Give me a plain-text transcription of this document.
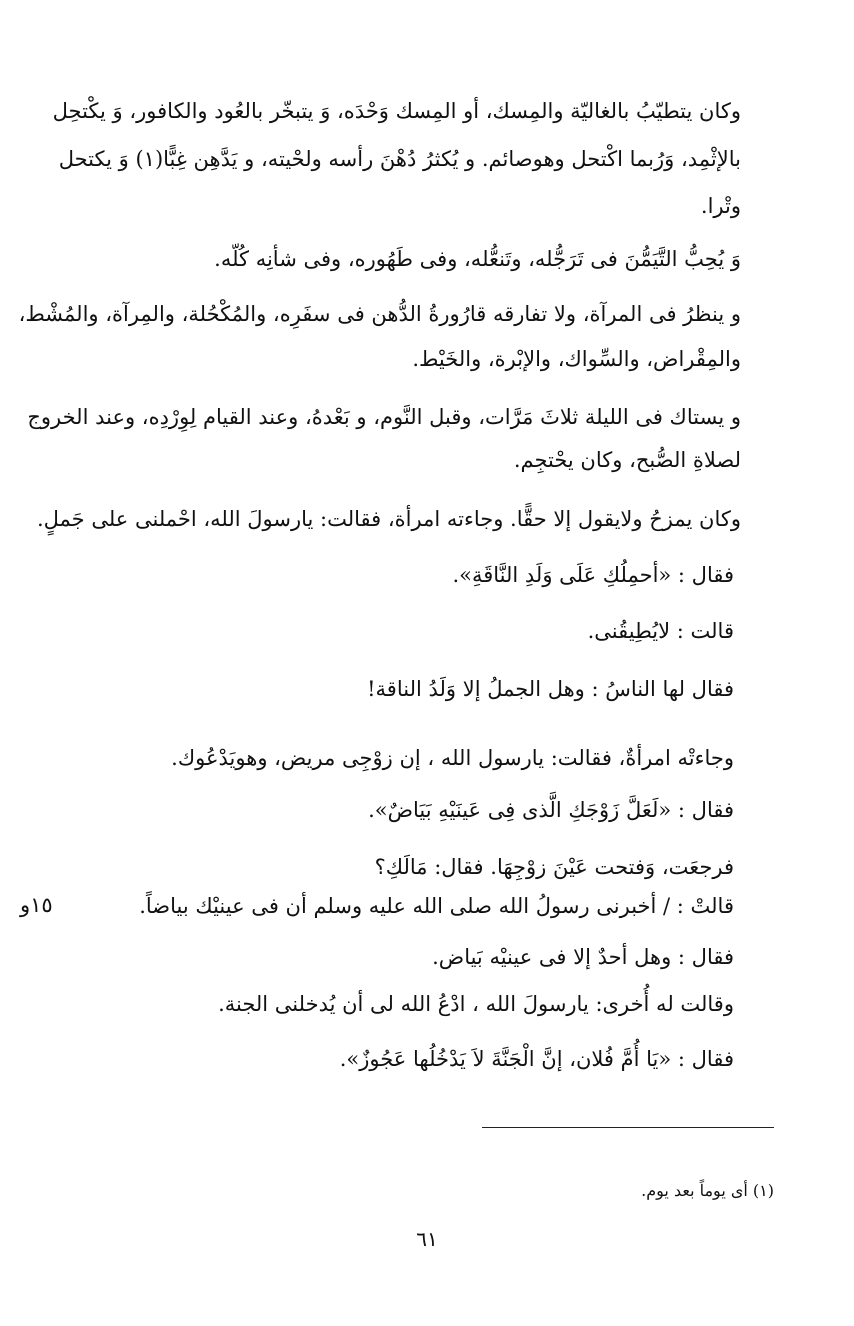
وكان يتطيّبُ بالغاليّة والمِسك، أو المِسك وَحْدَه، وَ يتبخّر بالعُود والكافور، وَ يكْتحِل

بالإثْمِد، وَرُبما اكْتحل وهوصائم. و يُكثرُ دُهْنَ رأسه ولحْيته، و يَدَّهِن غِبًّا(١) وَ يكتحل

وتْرا.

وَ يُحِبُّ التَّيَمُّنَ فى تَرَجُّله، وتَنعُّله، وفى طَهُوره، وفى شأنِه كُلّه.

و ينظرُ فى المرآة، ولا تفارقه قارُورةُ الدُّهن فى سفَرِه، والمُكْحُلة، والمِرآة، والمُشْط،

والمِقْراض، والسِّواك، والإبْرة، والخَيْط.

و يستاك فى الليلة ثلاثَ مَرَّات، وقبل النَّوم، و بَعْدهُ، وعند القيام لِوِرْدِه، وعند الخروج

لصلاةِ الصُّبح، وكان يحْتجِم.

وكان يمزحُ ولايقول إلا حقًّا. وجاءته امرأة، فقالت: يارسولَ الله، احْملنى على جَملٍ.

فقال : «أحمِلُكِ عَلَى وَلَدِ النَّاقَةِ».

قالت : لايُطِيقُنى.

فقال لها الناسُ : وهل الجملُ إلا وَلَدُ الناقة!

وجاءتْه امرأةٌ، فقالت: يارسول الله ، إن زوْجِى مريض، وهويَدْعُوك.

فقال : «لَعَلَّ زَوْجَكِ الَّذى فِى عَينَيْهِ بَيَاضٌ».

فرجعَت، وَفتحت عَيْنَ زوْجِهَا. فقال: مَالَكِ؟

قالتْ : / أخبرنى رسولُ الله صلى الله عليه وسلم أن فى عينيْك بياضاً.

فقال : وهل أحدٌ إلا فى عينيْه بَياض.

وقالت له أُخرى: يارسولَ الله ، ادْعُ الله لى أن يُدخلنى الجنة.

فقال : «يَا أُمَّ فُلان، إنَّ الْجَنَّةَ لاَ يَدْخُلُها عَجُوزٌ».

١٥و
(١) أى يوماً بعد يوم.
٦١
